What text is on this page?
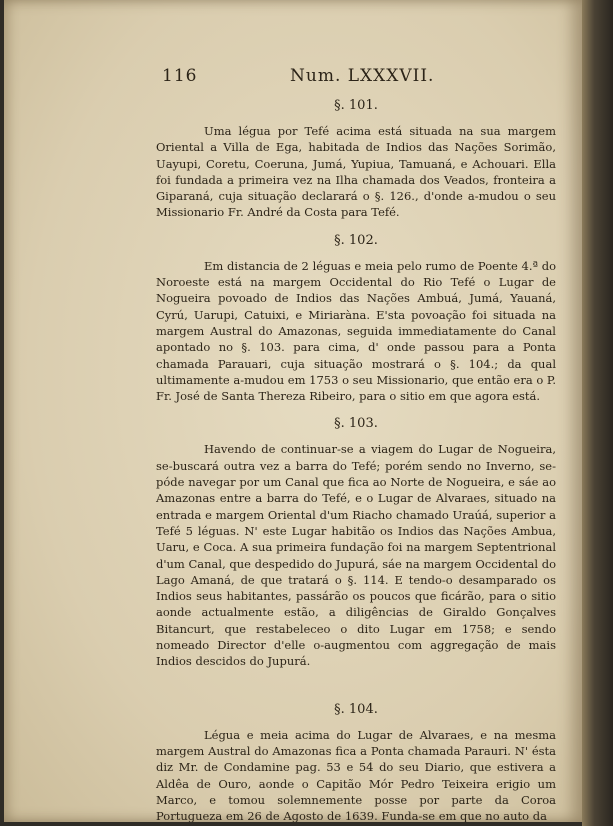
116	Num. LXXXVII.
§. 101.

Uma légua por Tefé acima está situada na sua margem Oriental a Villa de Ega, habitada de Indios das Nações Sorimão, Uayupi, Coretu, Coeruna, Jumá, Yupiua, Tamuaná, e Achouari. Ella foi fundada a primeira vez na Ilha chamada dos Veados, fronteira a Giparaná, cuja situação declarará o §. 126., d'onde a-mudou o seu Missionario Fr. André da Costa para Tefé.

§. 102.

Em distancia de 2 léguas e meia pelo rumo de Poente 4.ª do Noroeste está na margem Occidental do Rio Tefé o Lugar de Nogueira povoado de Indios das Nações Ambuá, Jumá, Yauaná, Cyrú, Uarupi, Catuixi, e Miriaràna. E'sta povoação foi situada na margem Austral do Amazonas, seguida immediatamente do Canal apontado no §. 103. para cima, d' onde passou para a Ponta chamada Parauari, cuja situação mostrará o §. 104.; da qual ultimamente a-mudou em 1753 o seu Missionario, que então era o P. Fr. José de Santa Thereza Ribeiro, para o sitio em que agora está.

§. 103.

Havendo de continuar-se a viagem do Lugar de Nogueira, se-buscará outra vez a barra do Tefé; porém sendo no Inverno, se-póde navegar por um Canal que fica ao Norte de Nogueira, e sáe ao Amazonas entre a barra do Tefé, e o Lugar de Alvaraes, situado na entrada e margem Oriental d'um Riacho chamado Uraúá, superior a Tefé 5 léguas. N' este Lugar habitão os Indios das Nações Ambua, Uaru, e Coca. A sua primeira fundação foi na margem Septentrional d'um Canal, que despedido do Jupurá, sáe na margem Occidental do Lago Amaná, de que tratará o §. 114. E tendo-o desamparado os Indios seus habitantes, passárão os poucos que ficárão, para o sitio aonde actualmente estão, a diligências de Giraldo Gonçalves Bitancurt, que restabeleceo o dito Lugar em 1758; e sendo nomeado Director d'elle o-augmentou com aggregação de mais Indios descidos do Jupurá.

§. 104.

Légua e meia acima do Lugar de Alvaraes, e na mesma margem Austral do Amazonas fica a Ponta chamada Parauri. N' ésta diz Mr. de Condamine pag. 53 e 54 do seu Diario, que estivera a Aldêa de Ouro, aonde o Capitão Mór Pedro Teixeira erigio um Marco, e tomou solemnemente posse por parte da Coroa Portugueza em 26 de Agosto de 1639. Funda-se em que no auto da
